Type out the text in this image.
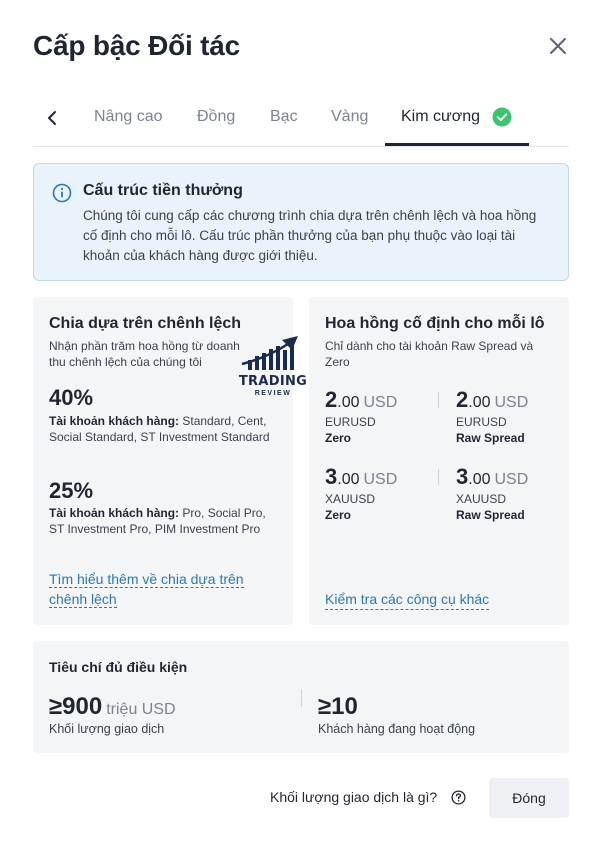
Cấp bậc Đối tác
Nâng cao Đồng Bạc Vàng Kim cương
Cấu trúc tiền thưởng
Chúng tôi cung cấp các chương trình chia dựa trên chênh lệch và hoa hồng cố định cho mỗi lô. Cấu trúc phần thưởng của bạn phụ thuộc vào loại tài khoản của khách hàng được giới thiệu.
Chia dựa trên chênh lệch
Nhận phần trăm hoa hồng từ doanh thu chênh lệch của chúng tôi
40%
Tài khoản khách hàng: Standard, Cent, Social Standard, ST Investment Standard
25%
Tài khoản khách hàng: Pro, Social Pro, ST Investment Pro, PIM Investment Pro
Tìm hiểu thêm về chia dựa trên chênh lệch
TRADING
REVIEW
Hoa hồng cố định cho mỗi lô
Chỉ dành cho tài khoản Raw Spread và Zero
2.00 USD
EURUSD
Zero
2.00 USD
EURUSD
Raw Spread
3.00 USD
XAUUSD
Zero
3.00 USD
XAUUSD
Raw Spread
Kiểm tra các công cụ khác
Tiêu chí đủ điều kiện
≥900 triệu USD
Khối lượng giao dịch
≥10
Khách hàng đang hoạt động
Khối lượng giao dịch là gì?	Đóng
